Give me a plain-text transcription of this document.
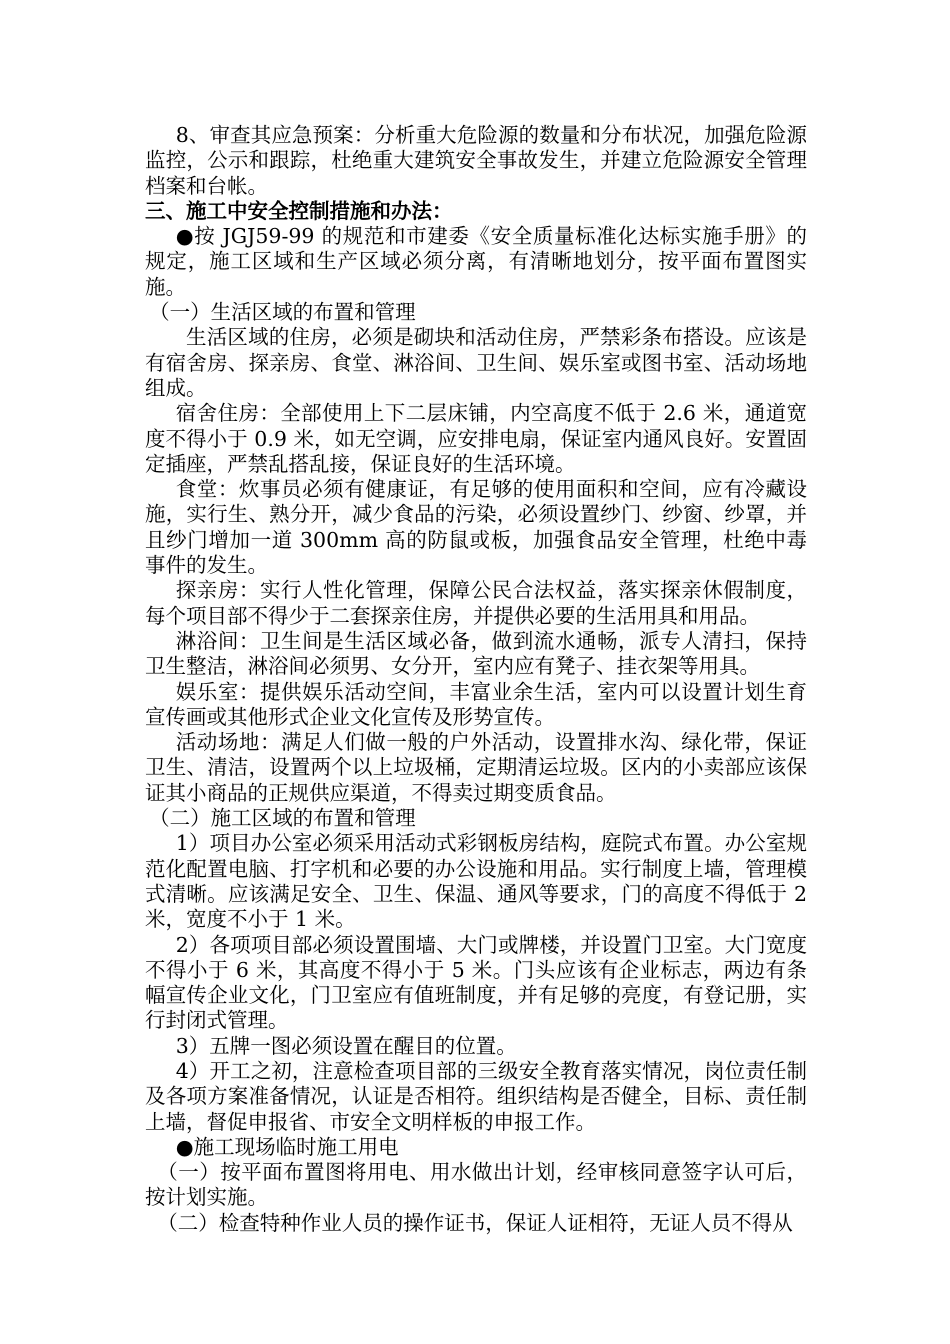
8、审查其应急预案：分析重大危险源的数量和分布状况，加强危险源监控，公示和跟踪，杜绝重大建筑安全事故发生，并建立危险源安全管理档案和台帐。

三、施工中安全控制措施和办法：

●按 JGJ59-99 的规范和市建委《安全质量标准化达标实施手册》的规定，施工区域和生产区域必须分离，有清晰地划分，按平面布置图实施。

（一）生活区域的布置和管理

生活区域的住房，必须是砌块和活动住房，严禁彩条布搭设。应该是有宿舍房、探亲房、食堂、淋浴间、卫生间、娱乐室或图书室、活动场地组成。

宿舍住房：全部使用上下二层床铺，内空高度不低于 2.6 米，通道宽度不得小于 0.9 米，如无空调，应安排电扇，保证室内通风良好。安置固定插座，严禁乱搭乱接，保证良好的生活环境。

食堂：炊事员必须有健康证，有足够的使用面积和空间，应有冷藏设施，实行生、熟分开，减少食品的污染，必须设置纱门、纱窗、纱罩，并且纱门增加一道 300mm 高的防鼠或板，加强食品安全管理，杜绝中毒事件的发生。

探亲房：实行人性化管理，保障公民合法权益，落实探亲休假制度，每个项目部不得少于二套探亲住房，并提供必要的生活用具和用品。

淋浴间：卫生间是生活区域必备，做到流水通畅，派专人清扫，保持卫生整洁，淋浴间必须男、女分开，室内应有凳子、挂衣架等用具。

娱乐室：提供娱乐活动空间，丰富业余生活，室内可以设置计划生育宣传画或其他形式企业文化宣传及形势宣传。

活动场地：满足人们做一般的户外活动，设置排水沟、绿化带，保证卫生、清洁，设置两个以上垃圾桶，定期清运垃圾。区内的小卖部应该保证其小商品的正规供应渠道，不得卖过期变质食品。

（二）施工区域的布置和管理

1）项目办公室必须采用活动式彩钢板房结构，庭院式布置。办公室规范化配置电脑、打字机和必要的办公设施和用品。实行制度上墙，管理模式清晰。应该满足安全、卫生、保温、通风等要求，门的高度不得低于 2 米，宽度不小于 1 米。

2）各项项目部必须设置围墙、大门或牌楼，并设置门卫室。大门宽度不得小于 6 米，其高度不得小于 5 米。门头应该有企业标志，两边有条幅宣传企业文化，门卫室应有值班制度，并有足够的亮度，有登记册，实行封闭式管理。

3）五牌一图必须设置在醒目的位置。

4）开工之初，注意检查项目部的三级安全教育落实情况，岗位责任制及各项方案准备情况，认证是否相符。组织结构是否健全，目标、责任制上墙，督促申报省、市安全文明样板的申报工作。

●施工现场临时施工用电

（一）按平面布置图将用电、用水做出计划，经审核同意签字认可后，按计划实施。

（二）检查特种作业人员的操作证书，保证人证相符，无证人员不得从
